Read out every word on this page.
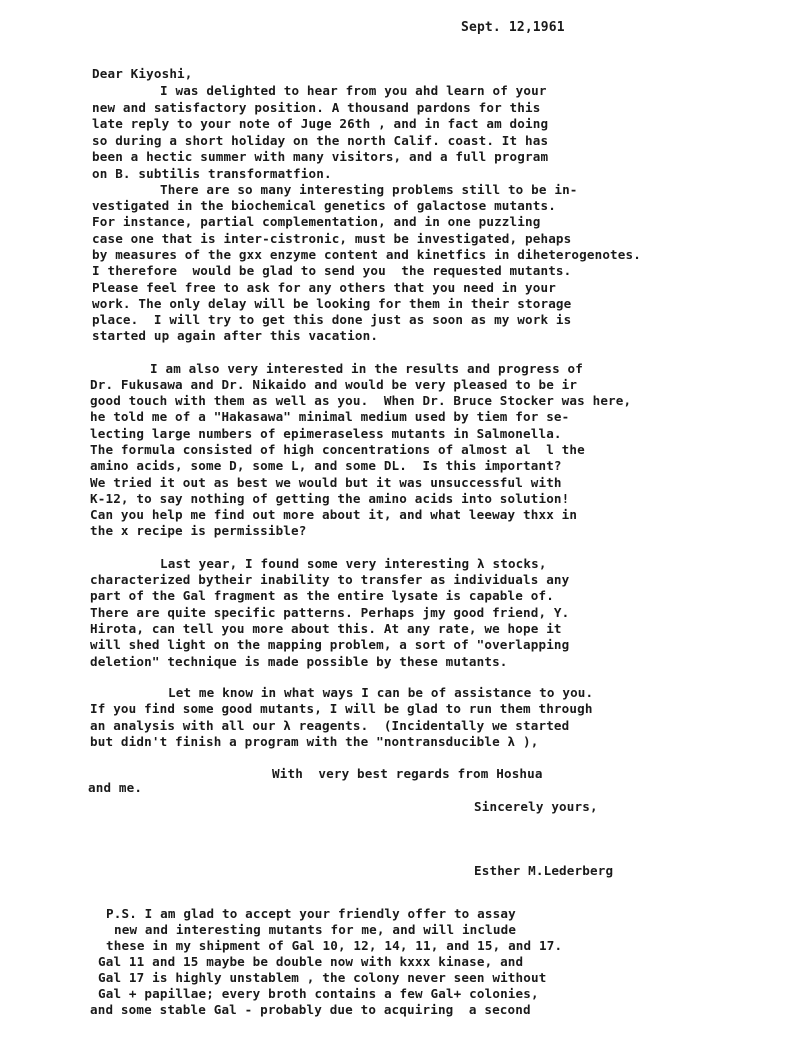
Sept. 12,1961
Dear Kiyoshi,
I was delighted to hear from you ahd learn of your
new and satisfactory position. A thousand pardons for this
late reply to your note of Juge 26th , and in fact am doing
so during a short holiday on the north Calif. coast. It has
been a hectic summer with many visitors, and a full program
on B. subtilis transformatfion.
There are so many interesting problems still to be in-
vestigated in the biochemical genetics of galactose mutants.
For instance, partial complementation, and in one puzzling
case one that is inter-cistronic, must be investigated, pehaps
by measures of the gxx enzyme content and kinetfics in diheterogenotes.
I therefore  would be glad to send you  the requested mutants.
Please feel free to ask for any others that you need in your
work. The only delay will be looking for them in their storage
place.  I will try to get this done just as soon as my work is
started up again after this vacation.
I am also very interested in the results and progress of
Dr. Fukusawa and Dr. Nikaido and would be very pleased to be ir
good touch with them as well as you.  When Dr. Bruce Stocker was here,
he told me of a "Hakasawa" minimal medium used by tiem for se-
lecting large numbers of epimeraseless mutants in Salmonella.
The formula consisted of high concentrations of almost al  l the
amino acids, some D, some L, and some DL.  Is this important?
We tried it out as best we would but it was unsuccessful with
K-12, to say nothing of getting the amino acids into solution!
Can you help me find out more about it, and what leeway thxx in
the x recipe is permissible?
Last year, I found some very interesting λ stocks,
characterized bytheir inability to transfer as individuals any
part of the Gal fragment as the entire lysate is capable of.
There are quite specific patterns. Perhaps jmy good friend, Y.
Hirota, can tell you more about this. At any rate, we hope it
will shed light on the mapping problem, a sort of "overlapping
deletion" technique is made possible by these mutants.
Let me know in what ways I can be of assistance to you.
If you find some good mutants, I will be glad to run them through
an analysis with all our λ reagents.  (Incidentally we started
but didn't finish a program with the "nontransducible λ ),
With  very best regards from Hoshua
and me.
Sincerely yours,
Esther M.Lederberg
P.S. I am glad to accept your friendly offer to assay
new and interesting mutants for me, and will include
these in my shipment of Gal 10, 12, 14, 11, and 15, and 17.
Gal 11 and 15 maybe be double now with kxxx kinase, and
Gal 17 is highly unstablem , the colony never seen without
Gal + papillae; every broth contains a few Gal+ colonies,
and some stable Gal - probably due to acquiring  a second
